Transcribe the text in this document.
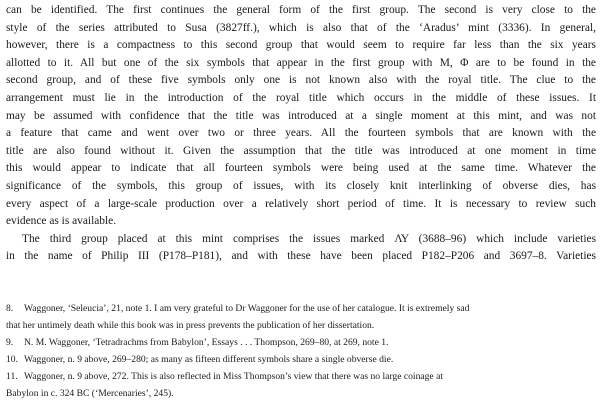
can be identified. The first continues the general form of the first group. The second is very close to the
style of the series attributed to Susa (3827ff.), which is also that of the ‘Aradus’ mint (3336). In general,
however, there is a compactness to this second group that would seem to require far less than the six years
allotted to it. All but one of the six symbols that appear in the first group with M, Φ are to be found in the
second group, and of these five symbols only one is not known also with the royal title. The clue to the
arrangement must lie in the introduction of the royal title which occurs in the middle of these issues. It
may be assumed with confidence that the title was introduced at a single moment at this mint, and was not
a feature that came and went over two or three years. All the fourteen symbols that are known with the
title are also found without it. Given the assumption that the title was introduced at one moment in time
this would appear to indicate that all fourteen symbols were being used at the same time. Whatever the
significance of the symbols, this group of issues, with its closely knit interlinking of obverse dies, has
every aspect of a large-scale production over a relatively short period of time. It is necessary to review such
evidence as is available.
The third group placed at this mint comprises the issues marked ΛΥ (3688–96) which include varieties
in the name of Philip III (P178–P181), and with these have been placed P182–P206 and 3697–8. Varieties
8. Waggoner, ‘Seleucia’, 21, note 1. I am very grateful to Dr Waggoner for the use of her catalogue. It is extremely sad
that her untimely death while this book was in press prevents the publication of her dissertation.
9. N. M. Waggoner, ‘Tetradrachms from Babylon’, Essays . . . Thompson, 269–80, at 269, note 1.
10. Waggoner, n. 9 above, 269–280; as many as fifteen different symbols share a single obverse die.
11. Waggoner, n. 9 above, 272. This is also reflected in Miss Thompson’s view that there was no large coinage at
Babylon in c. 324 BC (‘Mercenaries’, 245).
